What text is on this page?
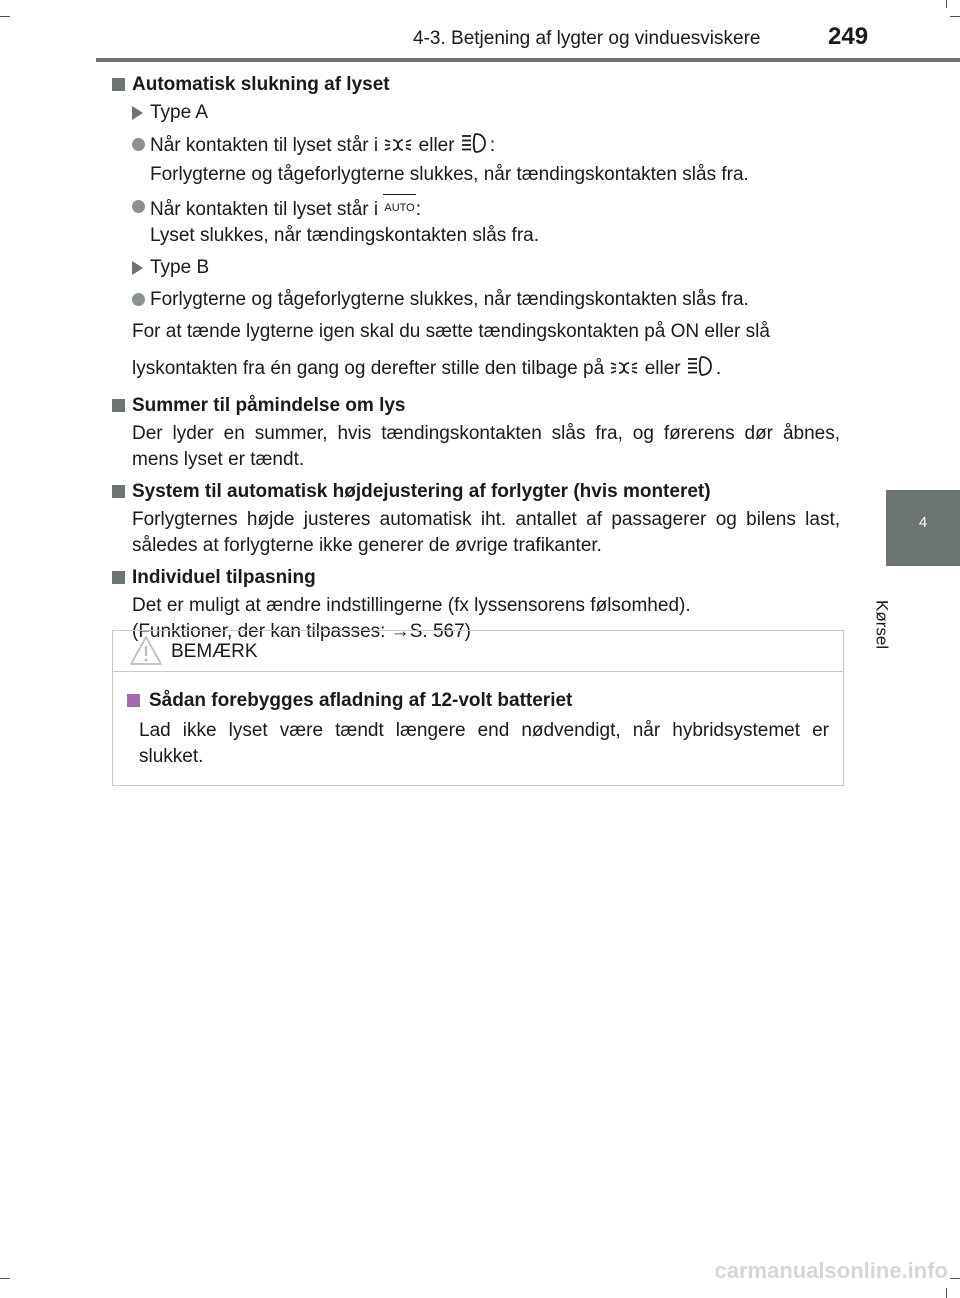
4-3. Betjening af lygter og vinduesviskere	249
4
Kørsel

Automatisk slukning af lyset

Type A

Når kontakten til lyset står i eller :
Forlygterne og tågeforlygterne slukkes, når tændingskontakten slås fra.

Når kontakten til lyset står i AUTO:
Lyset slukkes, når tændingskontakten slås fra.

Type B

Forlygterne og tågeforlygterne slukkes, når tændingskontakten slås fra.

For at tænde lygterne igen skal du sætte tændingskontakten på ON eller slå

lyskontakten fra én gang og derefter stille den tilbage på eller .

Summer til påmindelse om lys

Der lyder en summer, hvis tændingskontakten slås fra, og førerens dør åbnes, mens lyset er tændt.

System til automatisk højdejustering af forlygter (hvis monteret)

Forlygternes højde justeres automatisk iht. antallet af passagerer og bilens last, således at forlygterne ikke generer de øvrige trafikanter.

Individuel tilpasning

Det er muligt at ændre indstillingerne (fx lyssensorens følsomhed).

(Funktioner, der kan tilpasses: →S. 567)

BEMÆRK

Sådan forebygges afladning af 12-volt batteriet

Lad ikke lyset være tændt længere end nødvendigt, når hybridsystemet er slukket.

carmanualsonline.info
